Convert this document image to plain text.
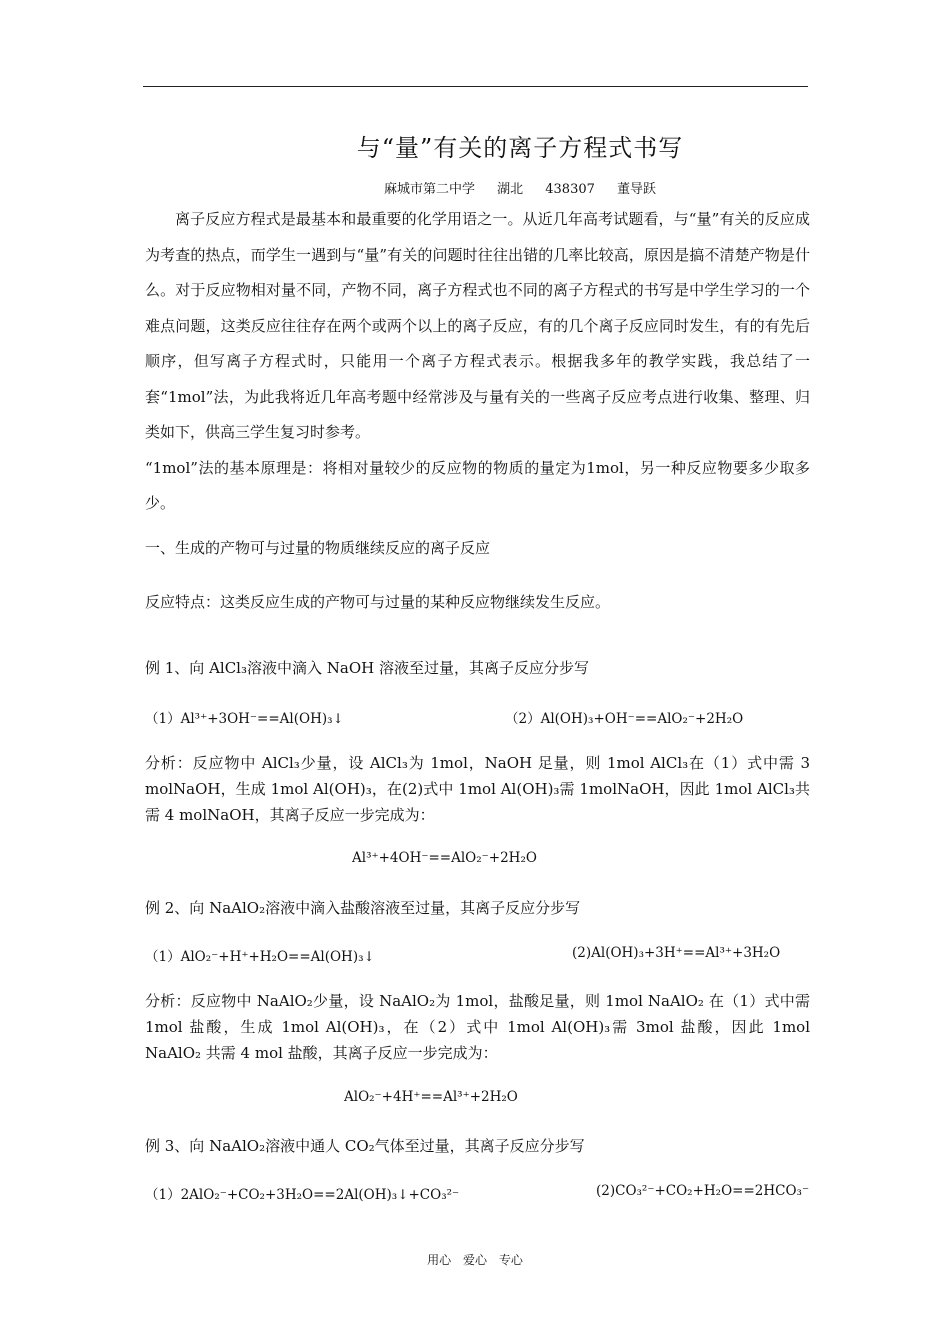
与“量”有关的离子方程式书写
麻城市第二中学 湖北 438307 董导跃

离子反应方程式是最基本和最重要的化学用语之一。从近几年高考试题看，与“量”有关的反应成为考查的热点，而学生一遇到与“量”有关的问题时往往出错的几率比较高，原因是搞不清楚产物是什么。对于反应物相对量不同，产物不同，离子方程式也不同的离子方程式的书写是中学生学习的一个难点问题，这类反应往往存在两个或两个以上的离子反应，有的几个离子反应同时发生，有的有先后顺序，但写离子方程式时，只能用一个离子方程式表示。根据我多年的教学实践，我总结了一套“1mol”法，为此我将近几年高考题中经常涉及与量有关的一些离子反应考点进行收集、整理、归类如下，供高三学生复习时参考。

“1mol”法的基本原理是：将相对量较少的反应物的物质的量定为1mol，另一种反应物要多少取多少。

一、生成的产物可与过量的物质继续反应的离子反应
反应特点：这类反应生成的产物可与过量的某种反应物继续发生反应。
例 1、向 AlCl₃溶液中滴入 NaOH 溶液至过量，其离子反应分步写
（1）Al³⁺+3OH⁻==Al(OH)₃↓	（2）Al(OH)₃+OH⁻==AlO₂⁻+2H₂O

分析：反应物中 AlCl₃少量，设 AlCl₃为 1mol，NaOH 足量，则 1mol AlCl₃在（1）式中需 3 molNaOH，生成 1mol Al(OH)₃，在(2)式中 1mol Al(OH)₃需 1molNaOH，因此 1mol AlCl₃共需 4 molNaOH，其离子反应一步完成为：

Al³⁺+4OH⁻==AlO₂⁻+2H₂O
例 2、向 NaAlO₂溶液中滴入盐酸溶液至过量，其离子反应分步写
（1）AlO₂⁻+H⁺+H₂O==Al(OH)₃↓	(2)Al(OH)₃+3H⁺==Al³⁺+3H₂O

分析：反应物中 NaAlO₂少量，设 NaAlO₂为 1mol，盐酸足量，则 1mol NaAlO₂ 在（1）式中需 1mol 盐酸，生成 1mol Al(OH)₃，在（2）式中 1mol Al(OH)₃需 3mol 盐酸，因此 1mol NaAlO₂ 共需 4 mol 盐酸，其离子反应一步完成为：

AlO₂⁻+4H⁺==Al³⁺+2H₂O
例 3、向 NaAlO₂溶液中通人 CO₂气体至过量，其离子反应分步写
（1）2AlO₂⁻+CO₂+3H₂O==2Al(OH)₃↓+CO₃²⁻	(2)CO₃²⁻+CO₂+H₂O==2HCO₃⁻
用心 爱心 专心
